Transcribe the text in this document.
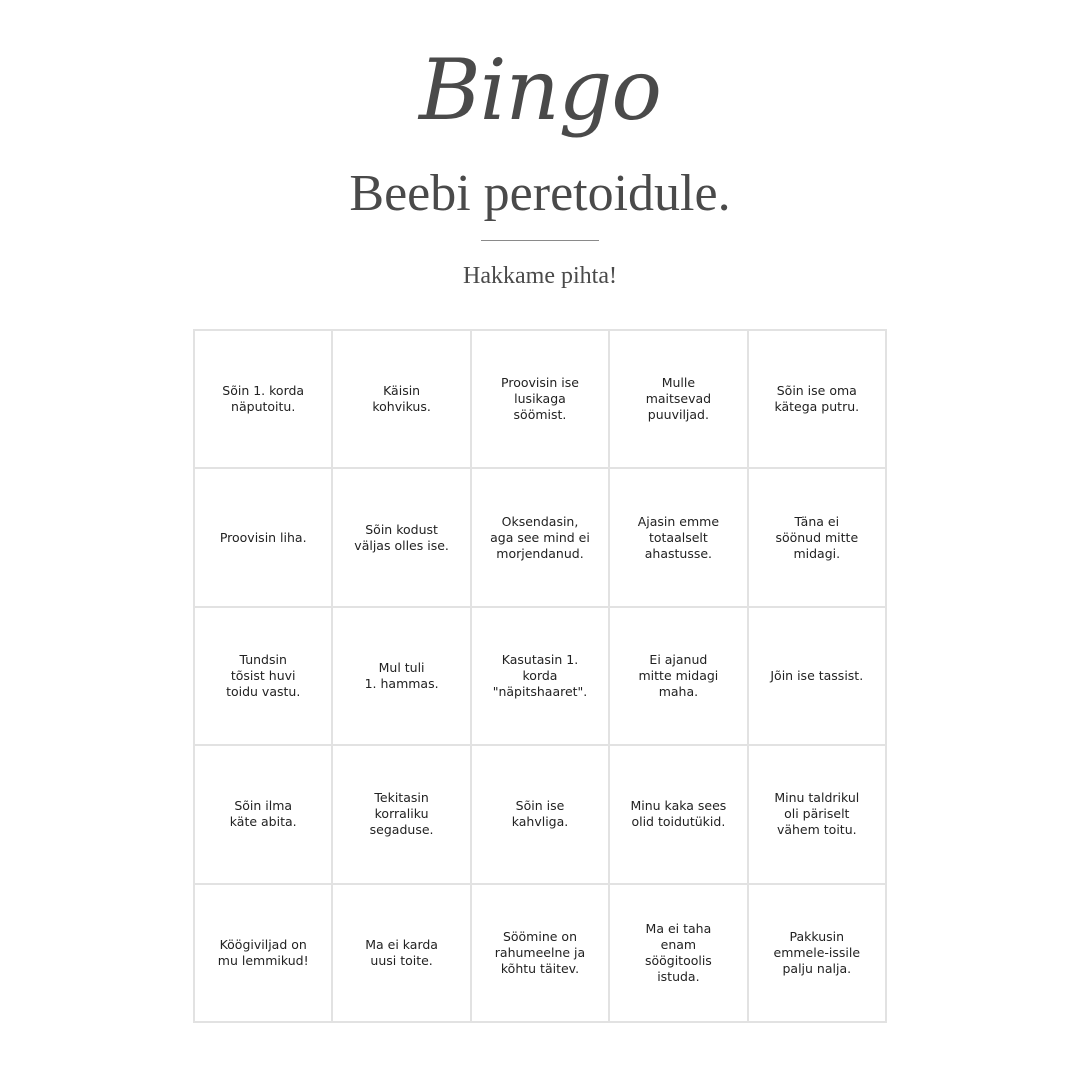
Bingo
Beebi peretoidule.
Hakkame pihta!
Sõin 1. korda
näputoitu.
Käisin
kohvikus.
Proovisin ise
lusikaga
söömist.
Mulle
maitsevad
puuviljad.
Sõin ise oma
kätega putru.
Proovisin liha.
Sõin kodust
väljas olles ise.
Oksendasin,
aga see mind ei
morjendanud.
Ajasin emme
totaalselt
ahastusse.
Täna ei
söönud mitte
midagi.
Tundsin
tõsist huvi
toidu vastu.
Mul tuli
1. hammas.
Kasutasin 1.
korda
"näpitshaaret".
Ei ajanud
mitte midagi
maha.
Jõin ise tassist.
Sõin ilma
käte abita.
Tekitasin
korraliku
segaduse.
Sõin ise
kahvliga.
Minu kaka sees
olid toidutükid.
Minu taldrikul
oli päriselt
vähem toitu.
Köögiviljad on
mu lemmikud!
Ma ei karda
uusi toite.
Söömine on
rahumeelne ja
kõhtu täitev.
Ma ei taha
enam
söögitoolis
istuda.
Pakkusin
emmele-issile
palju nalja.
